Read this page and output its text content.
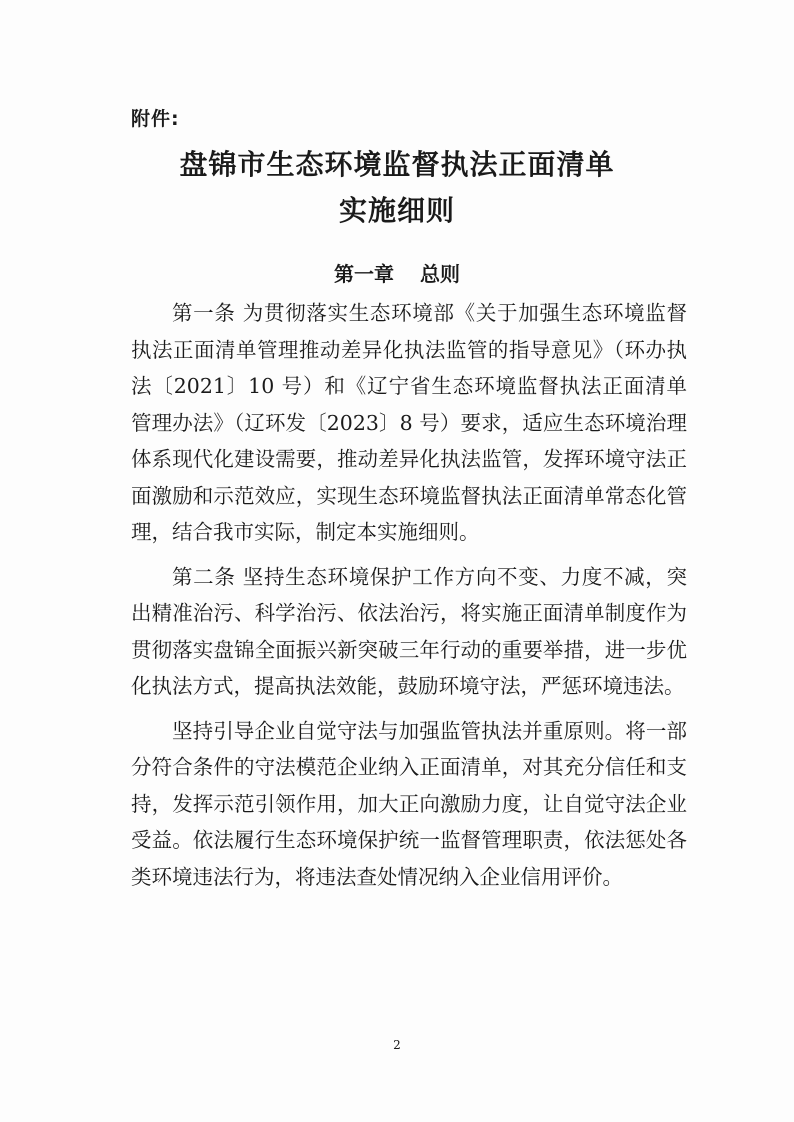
附件:
盘锦市生态环境监督执法正面清单
实施细则
第一章 总则

第一条 为贯彻落实生态环境部《关于加强生态环境监督执法正面清单管理推动差异化执法监管的指导意见》（环办执法〔2021〕10 号）和《辽宁省生态环境监督执法正面清单管理办法》（辽环发〔2023〕8 号）要求，适应生态环境治理体系现代化建设需要，推动差异化执法监管，发挥环境守法正面激励和示范效应，实现生态环境监督执法正面清单常态化管理，结合我市实际，制定本实施细则。

第二条 坚持生态环境保护工作方向不变、力度不减，突出精准治污、科学治污、依法治污，将实施正面清单制度作为贯彻落实盘锦全面振兴新突破三年行动的重要举措，进一步优化执法方式，提高执法效能，鼓励环境守法，严惩环境违法。

坚持引导企业自觉守法与加强监管执法并重原则。将一部分符合条件的守法模范企业纳入正面清单，对其充分信任和支持，发挥示范引领作用，加大正向激励力度，让自觉守法企业受益。依法履行生态环境保护统一监督管理职责，依法惩处各类环境违法行为，将违法查处情况纳入企业信用评价。

2
